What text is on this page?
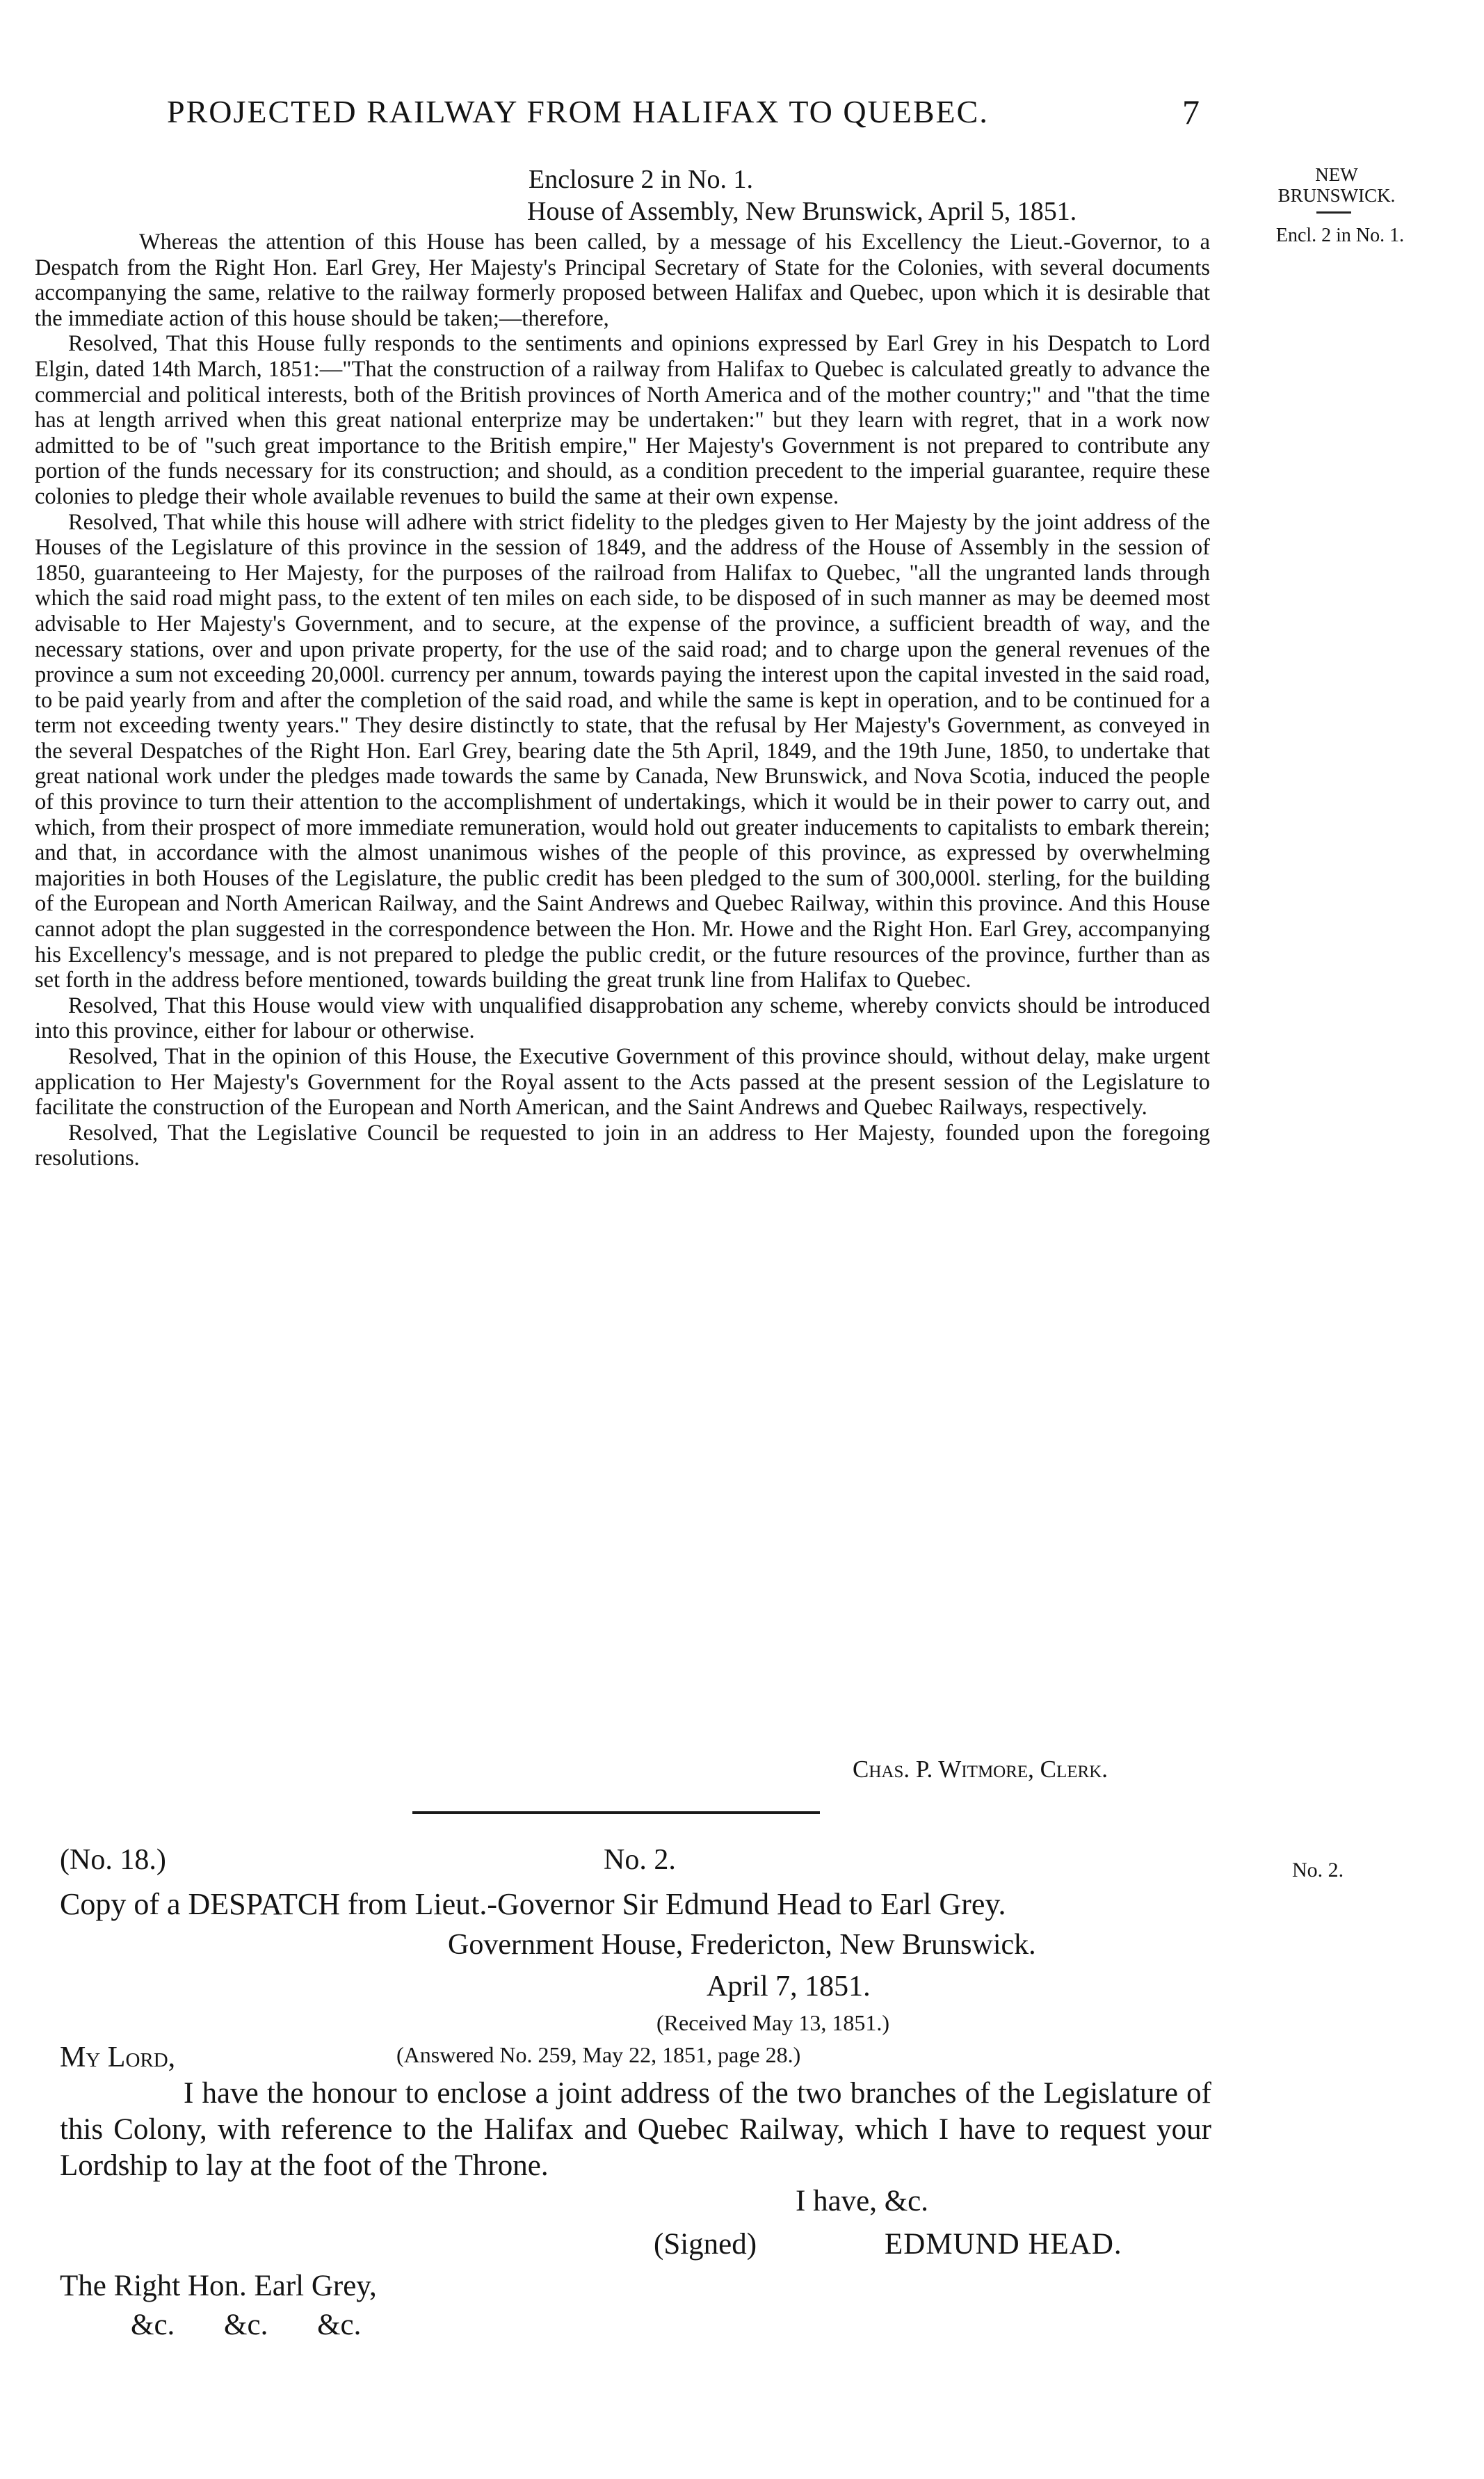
PROJECTED RAILWAY FROM HALIFAX TO QUEBEC.	7
Enclosure 2 in No. 1.
House of Assembly, New Brunswick, April 5, 1851.
NEW BRUNSWICK.
Encl. 2 in No. 1.

Whereas the attention of this House has been called, by a message of his Excellency the Lieut.-Governor, to a Despatch from the Right Hon. Earl Grey, Her Majesty's Principal Secretary of State for the Colonies, with several documents accompanying the same, relative to the railway formerly proposed between Halifax and Quebec, upon which it is desirable that the immediate action of this house should be taken;—therefore,

Resolved, That this House fully responds to the sentiments and opinions expressed by Earl Grey in his Despatch to Lord Elgin, dated 14th March, 1851:—"That the construction of a railway from Halifax to Quebec is calculated greatly to advance the commercial and political interests, both of the British provinces of North America and of the mother country;" and "that the time has at length arrived when this great national enterprize may be undertaken:" but they learn with regret, that in a work now admitted to be of "such great importance to the British empire," Her Majesty's Government is not prepared to contribute any portion of the funds necessary for its construction; and should, as a condition precedent to the imperial guarantee, require these colonies to pledge their whole available revenues to build the same at their own expense.

Resolved, That while this house will adhere with strict fidelity to the pledges given to Her Majesty by the joint address of the Houses of the Legislature of this province in the session of 1849, and the address of the House of Assembly in the session of 1850, guaranteeing to Her Majesty, for the purposes of the railroad from Halifax to Quebec, "all the ungranted lands through which the said road might pass, to the extent of ten miles on each side, to be disposed of in such manner as may be deemed most advisable to Her Majesty's Government, and to secure, at the expense of the province, a sufficient breadth of way, and the necessary stations, over and upon private property, for the use of the said road; and to charge upon the general revenues of the province a sum not exceeding 20,000l. currency per annum, towards paying the interest upon the capital invested in the said road, to be paid yearly from and after the completion of the said road, and while the same is kept in operation, and to be continued for a term not exceeding twenty years." They desire distinctly to state, that the refusal by Her Majesty's Government, as conveyed in the several Despatches of the Right Hon. Earl Grey, bearing date the 5th April, 1849, and the 19th June, 1850, to undertake that great national work under the pledges made towards the same by Canada, New Brunswick, and Nova Scotia, induced the people of this province to turn their attention to the accomplishment of undertakings, which it would be in their power to carry out, and which, from their prospect of more immediate remuneration, would hold out greater inducements to capitalists to embark therein; and that, in accordance with the almost unanimous wishes of the people of this province, as expressed by overwhelming majorities in both Houses of the Legislature, the public credit has been pledged to the sum of 300,000l. sterling, for the building of the European and North American Railway, and the Saint Andrews and Quebec Railway, within this province. And this House cannot adopt the plan suggested in the correspondence between the Hon. Mr. Howe and the Right Hon. Earl Grey, accompanying his Excellency's message, and is not prepared to pledge the public credit, or the future resources of the province, further than as set forth in the address before mentioned, towards building the great trunk line from Halifax to Quebec.

Resolved, That this House would view with unqualified disapprobation any scheme, whereby convicts should be introduced into this province, either for labour or otherwise.

Resolved, That in the opinion of this House, the Executive Government of this province should, without delay, make urgent application to Her Majesty's Government for the Royal assent to the Acts passed at the present session of the Legislature to facilitate the construction of the European and North American, and the Saint Andrews and Quebec Railways, respectively.

Resolved, That the Legislative Council be requested to join in an address to Her Majesty, founded upon the foregoing resolutions.

Chas. P. Witmore, Clerk.
(No. 18.)	No. 2.	No. 2.
Copy of a DESPATCH from Lieut.-Governor Sir Edmund Head to Earl Grey.
Government House, Fredericton, New Brunswick.
April 7, 1851.
(Received May 13, 1851.)
My Lord,	(Answered No. 259, May 22, 1851, page 28.)

I have the honour to enclose a joint address of the two branches of the Legislature of this Colony, with reference to the Halifax and Quebec Railway, which I have to request your Lordship to lay at the foot of the Throne.

I have, &c.
(Signed)	EDMUND HEAD.
The Right Hon. Earl Grey,
&c. &c. &c.
